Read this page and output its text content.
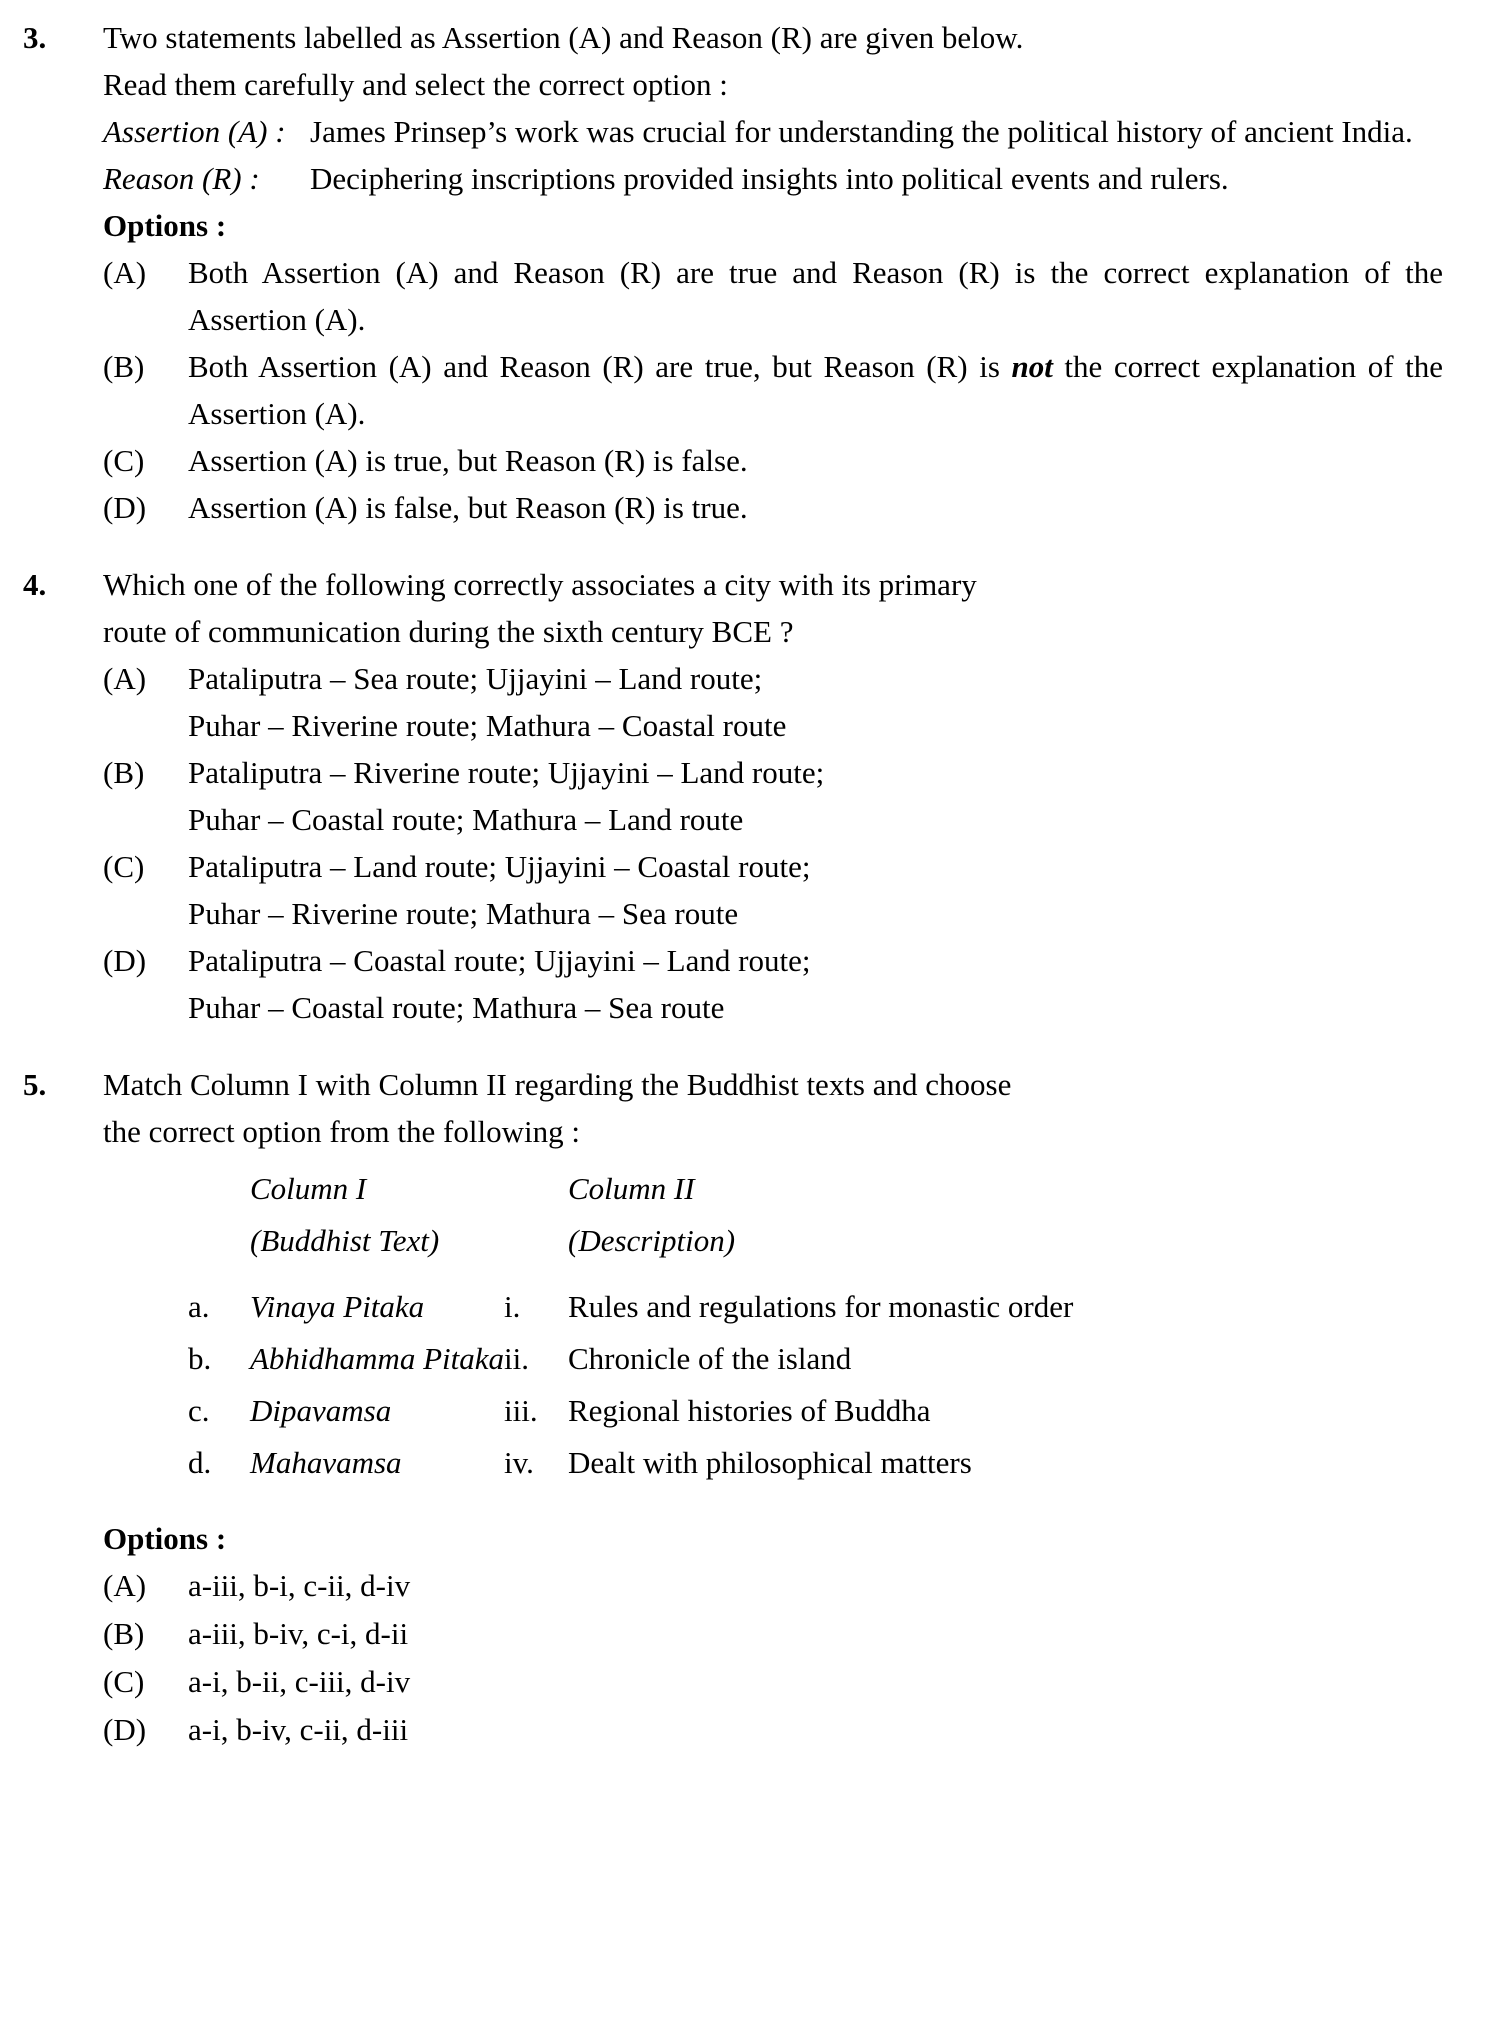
3.	Two statements labelled as Assertion (A) and Reason (R) are given below.

Read them carefully and select the correct option :

Assertion (A) : James Prinsep’s work was crucial for understanding the political history of ancient India.
Reason (R) :	Deciphering inscriptions provided insights into political events and rulers.

Options :

(A)	Both Assertion (A) and Reason (R) are true and Reason (R) is the correct explanation of the Assertion (A).
(B)	Both Assertion (A) and Reason (R) are true, but Reason (R) is not the correct explanation of the Assertion (A).
(C)	Assertion (A) is true, but Reason (R) is false.
(D)	Assertion (A) is false, but Reason (R) is true.
4.	Which one of the following correctly associates a city with its primary

route of communication during the sixth century BCE ?

(A)	Pataliputra – Sea route; Ujjayini – Land route;
Puhar – Riverine route; Mathura – Coastal route
(B)	Pataliputra – Riverine route; Ujjayini – Land route;
Puhar – Coastal route; Mathura – Land route
(C)	Pataliputra – Land route; Ujjayini – Coastal route;
Puhar – Riverine route; Mathura – Sea route
(D)	Pataliputra – Coastal route; Ujjayini – Land route;
Puhar – Coastal route; Mathura – Sea route
5.	Match Column I with Column II regarding the Buddhist texts and choose

the correct option from the following :

	Column I		Column II
	(Buddhist Text)		(Description)

a.	Vinaya Pitaka	i.	Rules and regulations for monastic order
b.	Abhidhamma Pitaka	ii.	Chronicle of the island
c.	Dipavamsa	iii.	Regional histories of Buddha
d.	Mahavamsa	iv.	Dealt with philosophical matters

Options :

(A)	a-iii, b-i, c-ii, d-iv
(B)	a-iii, b-iv, c-i, d-ii
(C)	a-i, b-ii, c-iii, d-iv
(D)	a-i, b-iv, c-ii, d-iii
